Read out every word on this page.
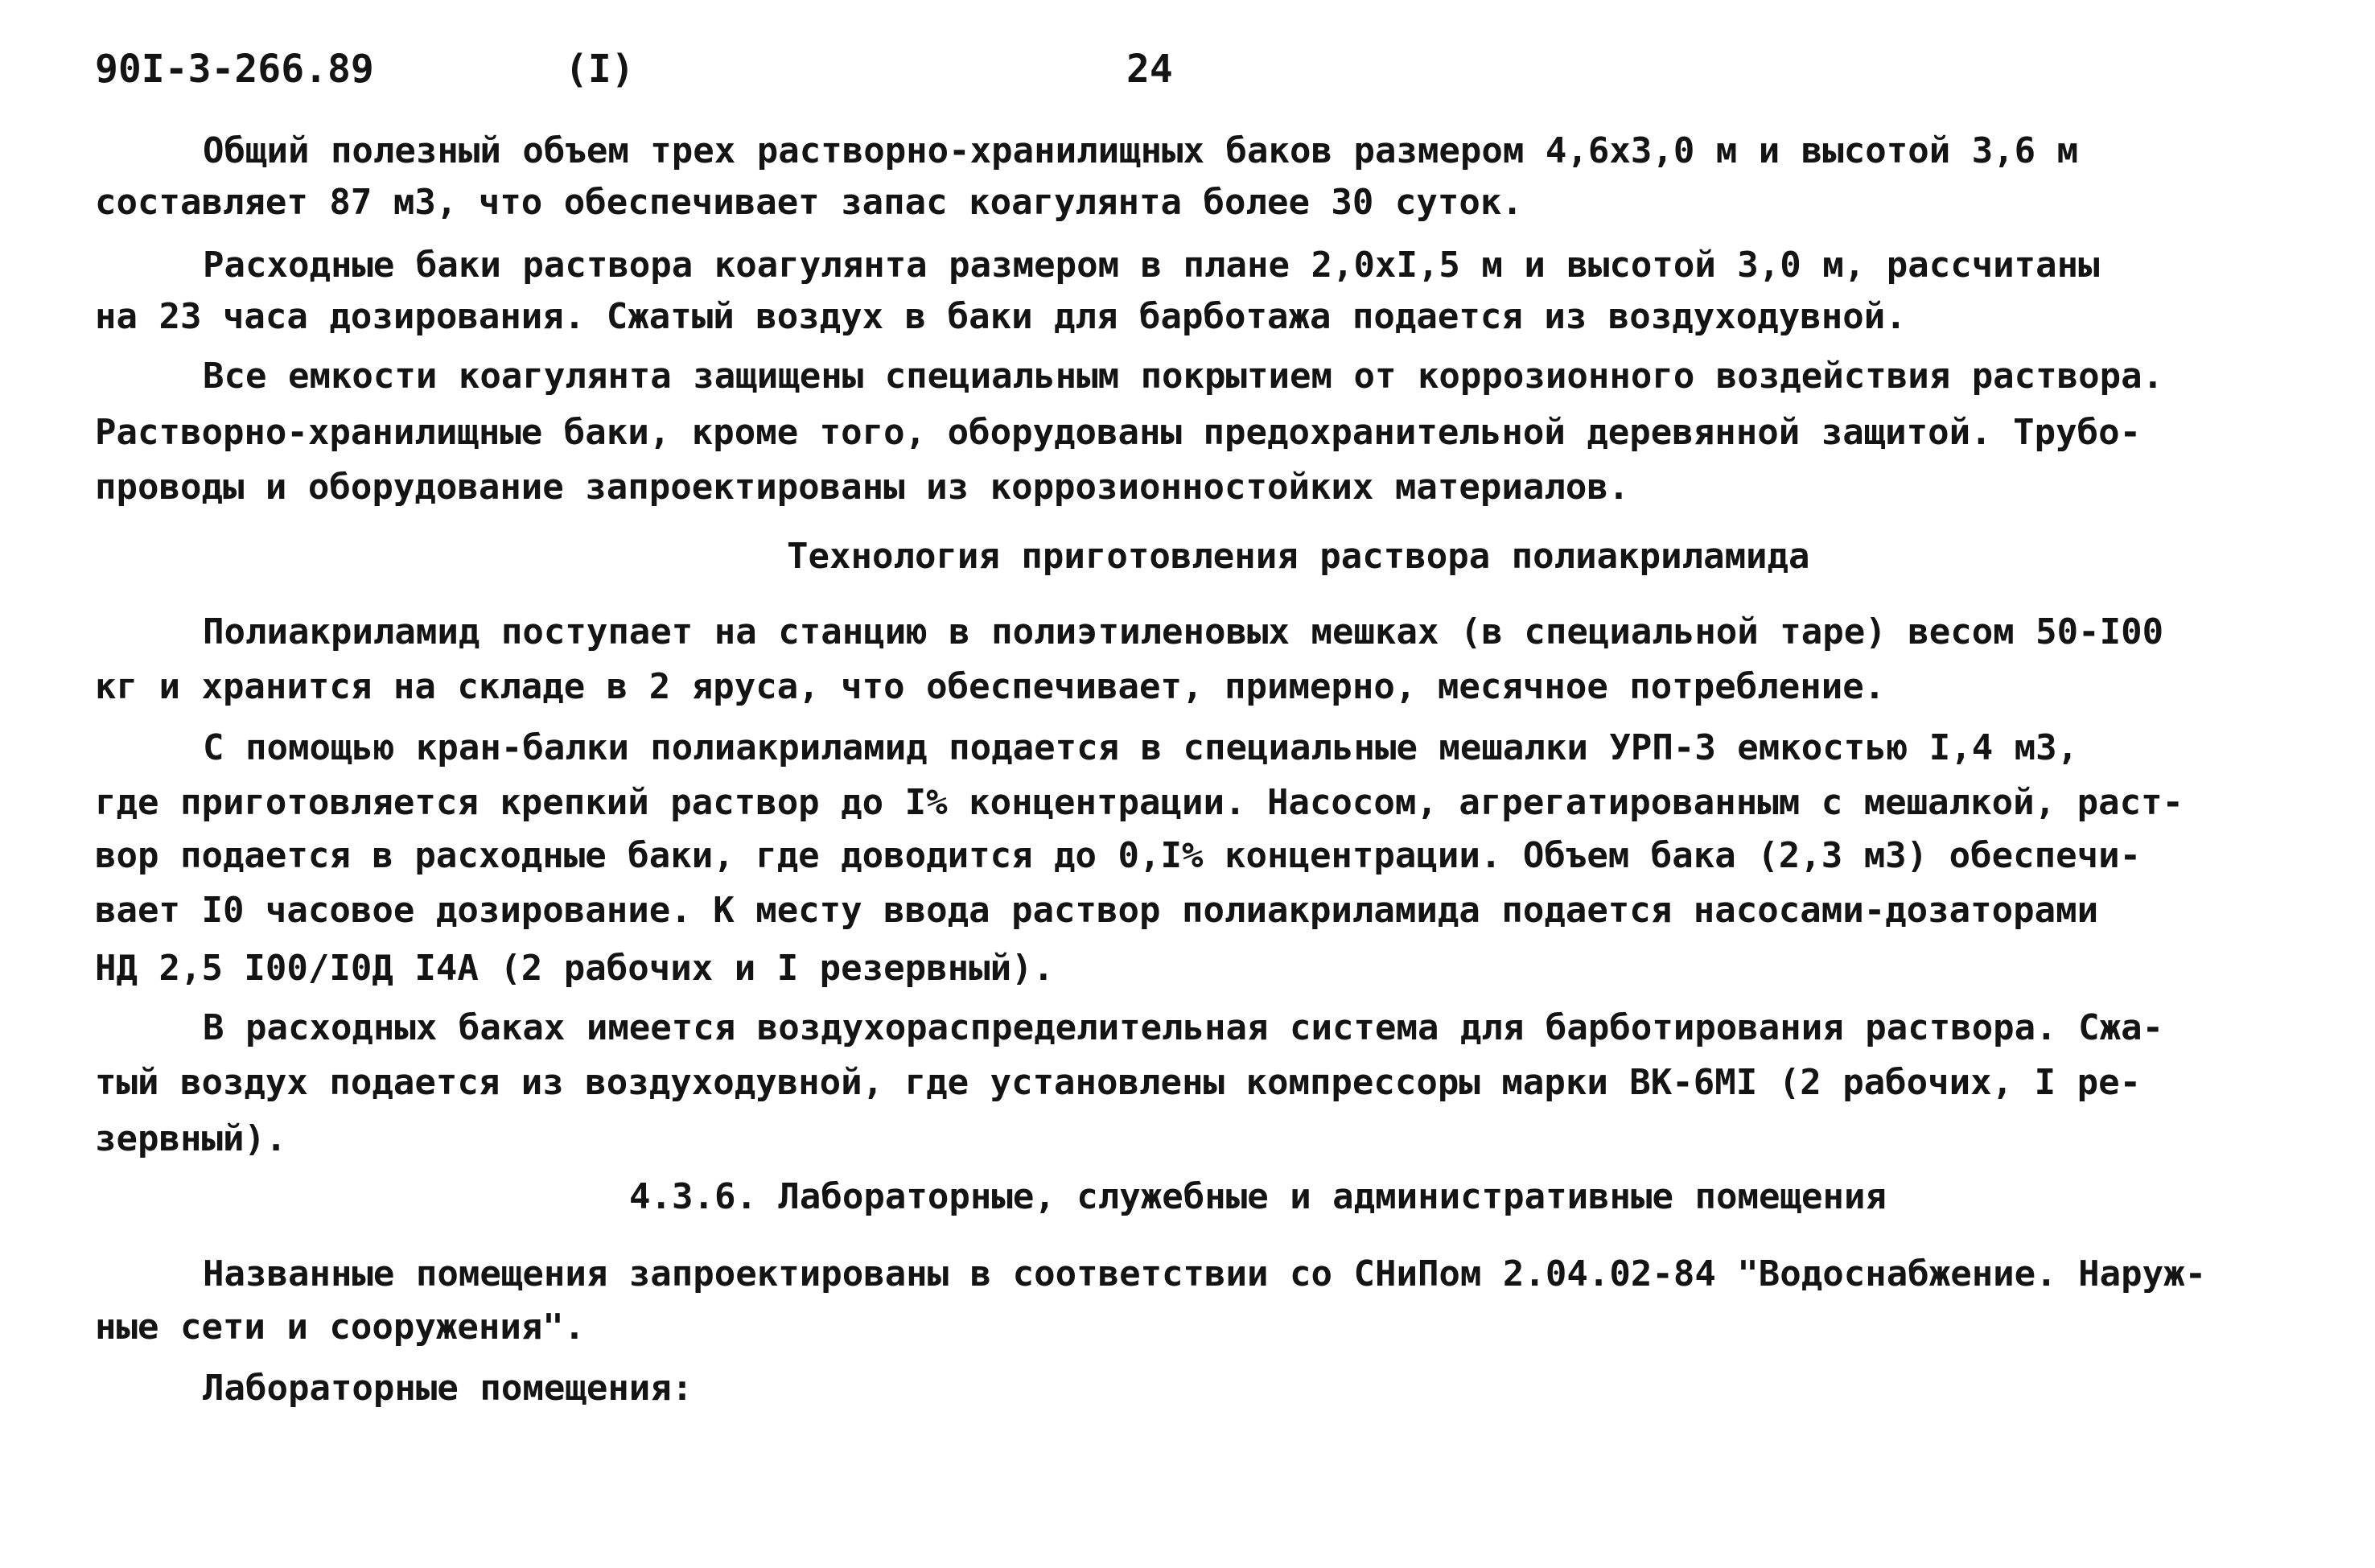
90I-3-266.89	(I)	24
Общий полезный объем трех растворно-хранилищных баков размером 4,6х3,0 м и высотой 3,6 м
составляет 87 м3, что обеспечивает запас коагулянта более 30 суток.
Расходные баки раствора коагулянта размером в плане 2,0хI,5 м и высотой 3,0 м, рассчитаны
на 23 часа дозирования. Сжатый воздух в баки для барботажа подается из воздуходувной.
Все емкости коагулянта защищены специальным покрытием от коррозионного воздействия раствора.
Растворно-хранилищные баки, кроме того, оборудованы предохранительной деревянной защитой. Трубо-
проводы и оборудование запроектированы из коррозионностойких материалов.
Технология приготовления раствора полиакриламида
Полиакриламид поступает на станцию в полиэтиленовых мешках (в специальной таре) весом 50-I00
кг и хранится на складе в 2 яруса, что обеспечивает, примерно, месячное потребление.
С помощью кран-балки полиакриламид подается в специальные мешалки УРП-3 емкостью I,4 м3,
где приготовляется крепкий раствор до I% концентрации. Насосом, агрегатированным с мешалкой, раст-
вор подается в расходные баки, где доводится до 0,I% концентрации. Объем бака (2,3 м3) обеспечи-
вает I0 часовое дозирование. К месту ввода раствор полиакриламида подается насосами-дозаторами
НД 2,5 I00/I0Д I4А (2 рабочих и I резервный).
В расходных баках имеется воздухораспределительная система для барботирования раствора. Сжа-
тый воздух подается из воздуходувной, где установлены компрессоры марки ВК-6МI (2 рабочих, I ре-
зервный).
4.3.6. Лабораторные, служебные и административные помещения
Названные помещения запроектированы в соответствии со СНиПом 2.04.02-84 "Водоснабжение. Наруж-
ные сети и сооружения".
Лабораторные помещения:
